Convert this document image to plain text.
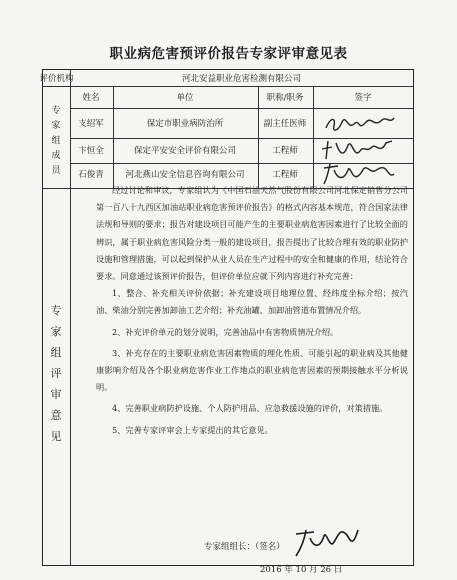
职业病危害预评价报告专家评审意见表
评价机构	河北安益职业危害检测有限公司
专
家
组
成
员
姓名	单位	职称/职务	签字
支绍军	保定市职业病防治所	副主任医师
卞恒全	保定平安安全评价有限公司	工程师
石俊青	河北燕山安全信息咨询有限公司	工程师
专
家
组
评
审
意
见

经过讨论和审议，专家组认为《中国石油天然气股份有限公司河北保定销售分公司第一百八十九西区加油站职业病危害预评价报告》的格式内容基本规范，符合国家法律法规和导则的要求；报告对建设项目可能产生的主要职业病危害因素进行了比较全面的辨识，属于职业病危害风险分类一般的建设项目，报告提出了比较合理有效的职业防护设施和管理措施，可以起到保护从业人员在生产过程中的安全和健康的作用，结论符合要求。同意通过该预评价报告，但评价单位应就下列内容进行补充完善：

1、整合、补充相关评价依据；补充建设项目地理位置、经纬度坐标介绍；按汽油、柴油分别完善加卸油工艺介绍；补充油罐、加卸油管道布置情况介绍。

2、补充评价单元的划分说明，完善油品中有害物质情况介绍。

3、补充存在的主要职业病危害因素物质的理化性质、可能引起的职业病及其他健康影响介绍及各个职业病危害作业工作地点的职业病危害因素的预期接触水平分析说明。

4、完善职业病防护设施、个人防护用品、应急救援设施的评价，对策措施。

5、完善专家评审会上专家提出的其它意见。

专家组组长：（签名）
2016 年 10 月 26 日
